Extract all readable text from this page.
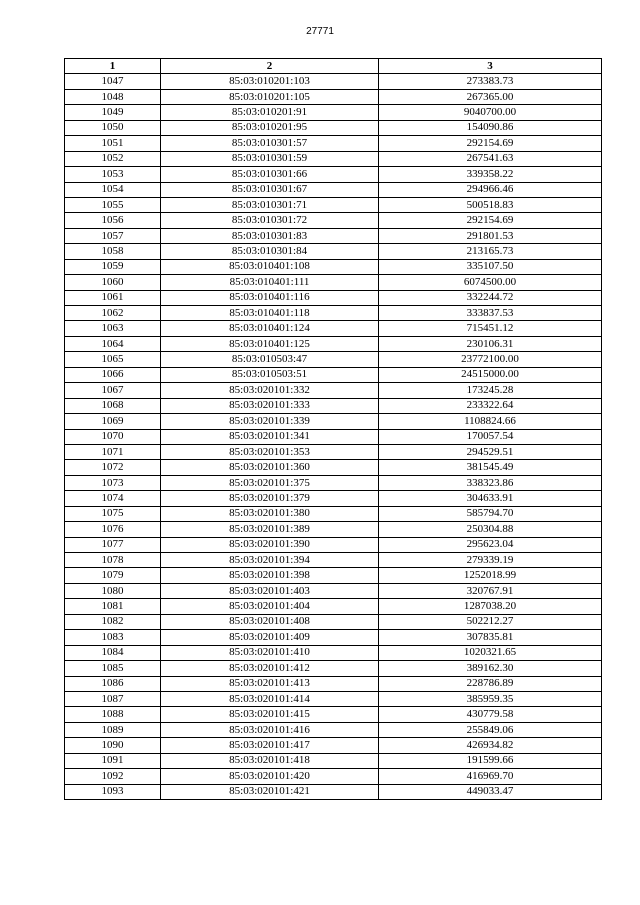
27771
1	2	3
1047	85:03:010201:103	273383.73
1048	85:03:010201:105	267365.00
1049	85:03:010201:91	9040700.00
1050	85:03:010201:95	154090.86
1051	85:03:010301:57	292154.69
1052	85:03:010301:59	267541.63
1053	85:03:010301:66	339358.22
1054	85:03:010301:67	294966.46
1055	85:03:010301:71	500518.83
1056	85:03:010301:72	292154.69
1057	85:03:010301:83	291801.53
1058	85:03:010301:84	213165.73
1059	85:03:010401:108	335107.50
1060	85:03:010401:111	6074500.00
1061	85:03:010401:116	332244.72
1062	85:03:010401:118	333837.53
1063	85:03:010401:124	715451.12
1064	85:03:010401:125	230106.31
1065	85:03:010503:47	23772100.00
1066	85:03:010503:51	24515000.00
1067	85:03:020101:332	173245.28
1068	85:03:020101:333	233322.64
1069	85:03:020101:339	1108824.66
1070	85:03:020101:341	170057.54
1071	85:03:020101:353	294529.51
1072	85:03:020101:360	381545.49
1073	85:03:020101:375	338323.86
1074	85:03:020101:379	304633.91
1075	85:03:020101:380	585794.70
1076	85:03:020101:389	250304.88
1077	85:03:020101:390	295623.04
1078	85:03:020101:394	279339.19
1079	85:03:020101:398	1252018.99
1080	85:03:020101:403	320767.91
1081	85:03:020101:404	1287038.20
1082	85:03:020101:408	502212.27
1083	85:03:020101:409	307835.81
1084	85:03:020101:410	1020321.65
1085	85:03:020101:412	389162.30
1086	85:03:020101:413	228786.89
1087	85:03:020101:414	385959.35
1088	85:03:020101:415	430779.58
1089	85:03:020101:416	255849.06
1090	85:03:020101:417	426934.82
1091	85:03:020101:418	191599.66
1092	85:03:020101:420	416969.70
1093	85:03:020101:421	449033.47
